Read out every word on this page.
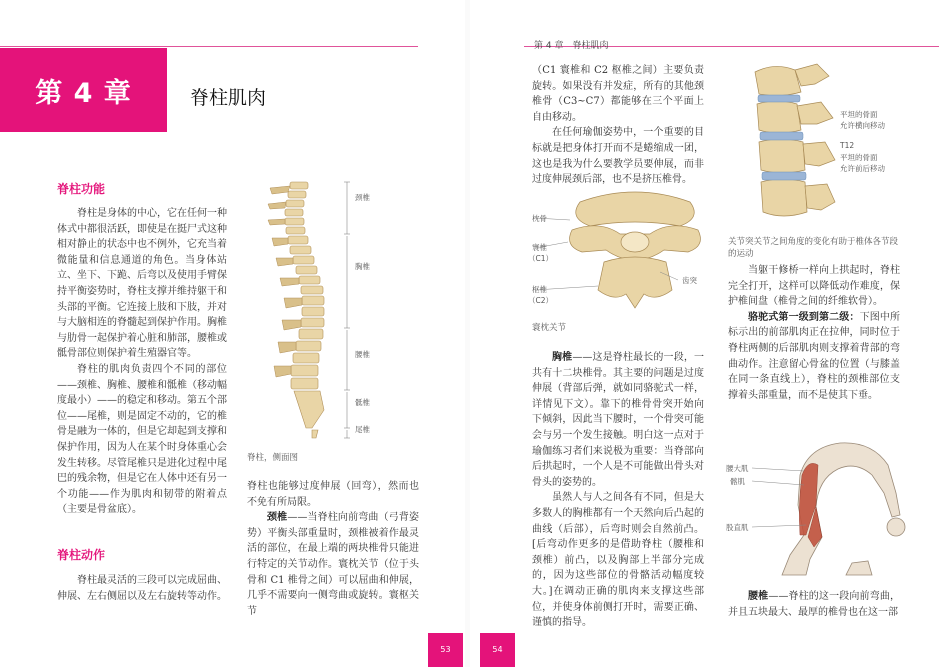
第 4 章	脊柱肌肉
脊柱功能

脊柱是身体的中心，它在任何一种体式中都很活跃，即使是在挺尸式这种相对静止的状态中也不例外，它充当着微能量和信息通道的角色。当身体站立、坐下、下跪、后弯以及使用手臂保持平衡姿势时，脊柱支撑并维持躯干和头部的平衡。它连接上肢和下肢，并对与大脑相连的脊髓起到保护作用。胸椎与肋骨一起保护着心脏和肺部，腰椎或骶骨部位则保护着生殖器官等。

脊柱的肌肉负责四个不同的部位——颈椎、胸椎、腰椎和骶椎（移动幅度最小）——的稳定和移动。第五个部位——尾椎，则是固定不动的，它的椎骨是融为一体的，但是它却起到支撑和保护作用，因为人在某个时身体重心会发生转移。尽管尾椎只是进化过程中尾巴的残余物，但是它在人体中还有另一个功能——作为肌肉和韧带的附着点（主要是骨盆底）。

脊柱动作

脊柱最灵活的三段可以完成屈曲、伸展、左右侧屈以及左右旋转等动作。

颈椎
胸椎
腰椎
骶椎
尾椎
脊柱，侧面图

脊柱也能够过度伸展（回弯），然而也不免有所局限。

颈椎——当脊柱向前弯曲（弓背姿势）平衡头部重量时，颈椎被着作最灵活的部位，在最上端的两块椎骨只能进行特定的关节动作。寰枕关节（位于头骨和 C1 椎骨之间）可以屈曲和伸展，几乎不需要向一侧弯曲或旋转。寰枢关节

53
第 4 章　脊柱肌肉

（C1 寰椎和 C2 枢椎之间）主要负责旋转。如果没有并发症，所有的其他颈椎骨（C3~C7）都能够在三个平面上自由移动。

在任何瑜伽姿势中，一个重要的目标就是把身体打开而不是蜷缩成一团，这也是我为什么要教学员要伸展，而非过度伸展颈后部，也不是挤压椎骨。

枕骨
寰椎
（C1）
枢椎
（C2）
齿突
寰枕关节

胸椎——这是脊柱最长的一段，一共有十二块椎骨。其主要的问题是过度伸展（背部后弹，就如同骆驼式一样，详情见下文）。靠下的椎骨骨突开始向下倾斜，因此当下腰时，一个骨突可能会与另一个发生接触。明白这一点对于瑜伽练习者们来说极为重要：当脊部向后拱起时，一个人是不可能做出骨头对骨头的姿势的。

虽然人与人之间各有不同，但是大多数人的胸椎都有一个天然向后凸起的曲线（后部），后弯时则会自然前凸。[后弯动作更多的是借助脊柱（腰椎和颈椎）前凸，以及胸部上半部分完成的，因为这些部位的骨骼活动幅度较大。]在调动正确的肌肉来支撑这些部位，并使身体前侧打开时，需要正确、谨慎的指导。

平坦的骨面
允许横向移动
T12
平坦的骨面
允许前后移动
关节突关节之间角度的变化有助于椎体各节段的运动

当躯干修桥一样向上拱起时，脊柱完全打开，这样可以降低动作难度，保护椎间盘（椎骨之间的纤维软骨）。

骆驼式第一级到第二级：下图中所标示出的前部肌肉正在拉伸，同时位于脊柱两侧的后部肌肉则支撑着背部的弯曲动作。注意留心骨盆的位置（与膝盖在同一条直线上），脊柱的颈椎部位支撑着头部重量，而不是使其下垂。

腰大肌
髂肌
股直肌

腰椎——脊柱的这一段向前弯曲，并且五块最大、最厚的椎骨也在这一部

54
